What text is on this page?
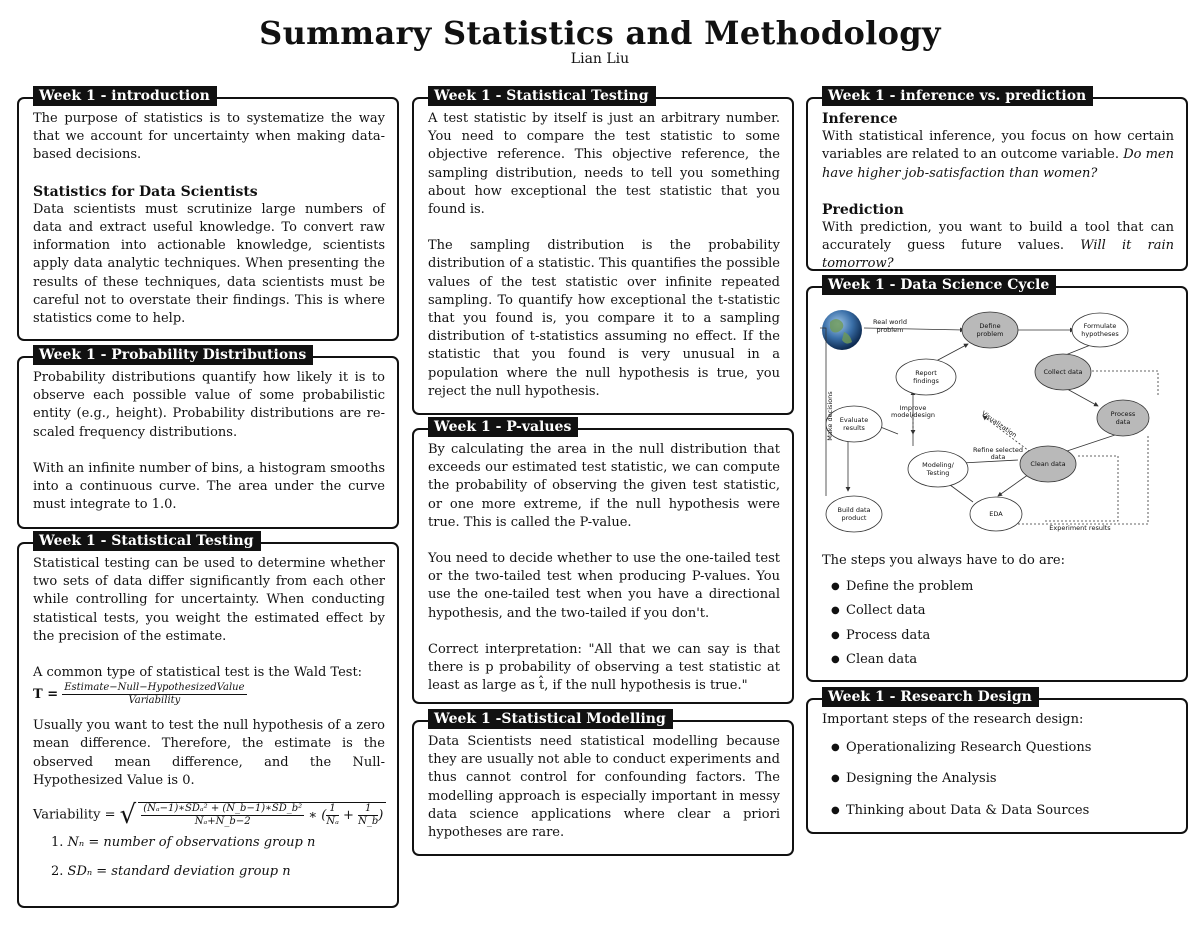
Summary Statistics and Methodology
Lian Liu
Week 1 - introduction

The purpose of statistics is to systematize the way that we account for uncertainty when making data-based decisions.

Statistics for Data Scientists

Data scientists must scrutinize large numbers of data and extract useful knowledge. To convert raw information into actionable knowledge, scientists apply data analytic techniques. When presenting the results of these techniques, data scientists must be careful not to overstate their findings. This is where statistics come to help.

Week 1 - Probability Distributions

Probability distributions quantify how likely it is to observe each possible value of some probabilistic entity (e.g., height). Probability distributions are re-scaled frequency distributions.

With an infinite number of bins, a histogram smooths into a continuous curve. The area under the curve must integrate to 1.0.

Week 1 - Statistical Testing

Statistical testing can be used to determine whether two sets of data differ significantly from each other while controlling for uncertainty. When conducting statistical tests, you weight the estimated effect by the precision of the estimate.

A common type of statistical test is the Wald Test:

$T = \frac{\text{Estimate−Null−HypothesizedValue}}{\text{Variability}}$

Usually you want to test the null hypothesis of a zero mean difference. Therefore, the estimate is the observed mean difference, and the Null-Hypothesized Value is 0.

Variability = √ $\frac{\text{(Nₐ−1)∗SDₐ² + (N\_b−1)∗SD\_b²}}{\text{Nₐ+N\_b−2}}$ ∗ ( $\frac{1}{\text{Nₐ}} + \frac{1}{N\_b}$ )
1. Nₙ = number of observations group n
2. SDₙ = standard deviation group n
Week 1 - Statistical Testing

A test statistic by itself is just an arbitrary number. You need to compare the test statistic to some objective reference. This objective reference, the sampling distribution, needs to tell you something about how exceptional the test statistic that you found is.

The sampling distribution is the probability distribution of a statistic. This quantifies the possible values of the test statistic over infinite repeated sampling. To quantify how exceptional the t-statistic that you found is, you compare it to a sampling distribution of t-statistics assuming no effect. If the statistic that you found is very unusual in a population where the null hypothesis is true, you reject the null hypothesis.

Week 1 - P-values

By calculating the area in the null distribution that exceeds our estimated test statistic, we can compute the probability of observing the given test statistic, or one more extreme, if the null hypothesis were true. This is called the P-value.

You need to decide whether to use the one-tailed test or the two-tailed test when producing P-values. You use the one-tailed test when you have a directional hypothesis, and the two-tailed if you don't.

Correct interpretation: "All that we can say is that there is p probability of observing a test statistic at least as large as t̂, if the null hypothesis is true."

Week 1 -Statistical Modelling

Data Scientists need statistical modelling because they are usually not able to conduct experiments and thus cannot control for confounding factors. The modelling approach is especially important in messy data science applications where clear a priori hypotheses are rare.

Week 1 - inference vs. prediction
Inference

With statistical inference, you focus on how certain variables are related to an outcome variable. Do men have higher job-satisfaction than women?

Prediction

With prediction, you want to build a tool that can accurately guess future values. Will it rain tomorrow?

Week 1 - Data Science Cycle
Real world
problem	Define
problem
Formulate
hypotheses
Collect data
Process
data
Clean data
EDA
Modeling/
Testing
Report
findings
Evaluate
results
Build data
product
Improve
model/design	Visualization
Refine selected
data
Experiment results
Make decisions

The steps you always have to do are:

● Define the problem
● Collect data
● Process data
● Clean data
Week 1 - Research Design

Important steps of the research design:

● Operationalizing Research Questions
● Designing the Analysis
● Thinking about Data & Data Sources
